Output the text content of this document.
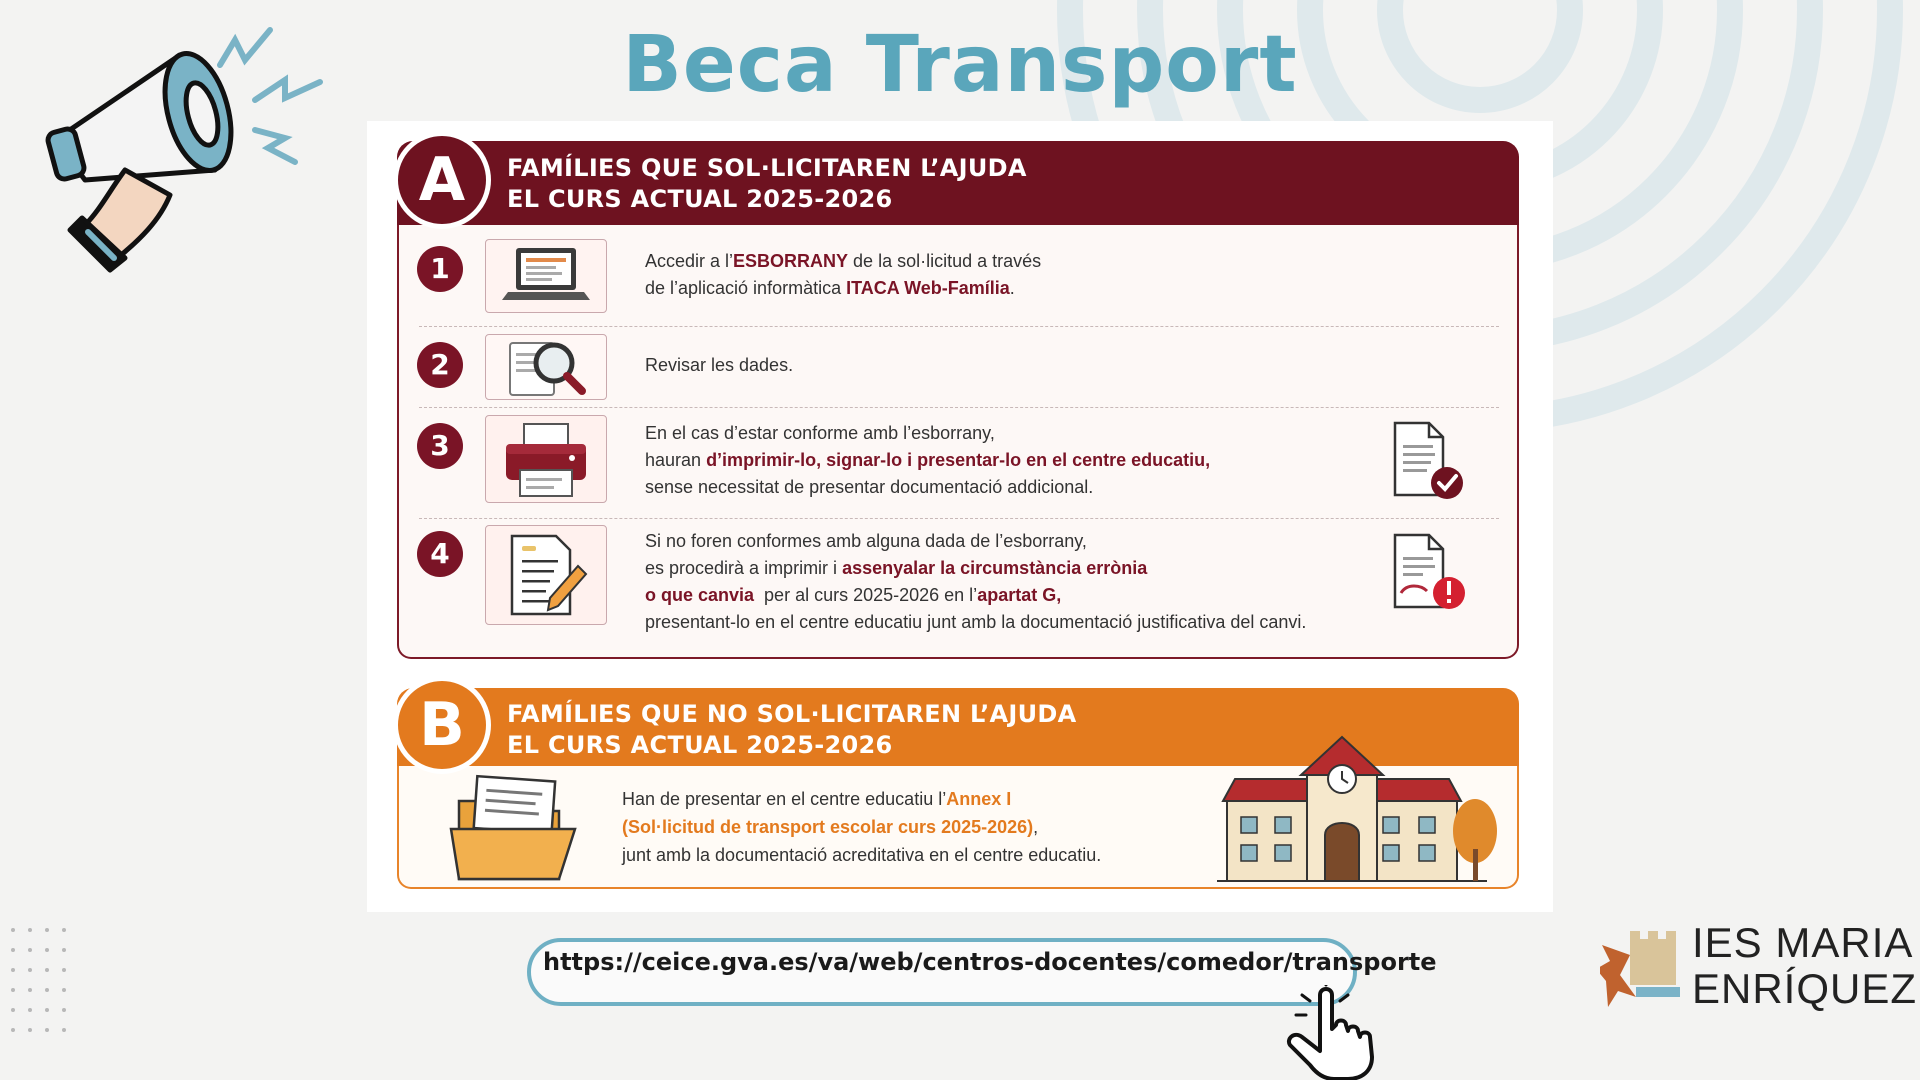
Beca Transport
A	FAMÍLIES QUE SOL·LICITAREN L’AJUDA
EL CURS ACTUAL 2025-2026
1	Accedir a l’ESBORRANY de la sol·licitud a través
de l’aplicació informàtica ITACA Web-Família.
2	Revisar les dades.
3	En el cas d’estar conforme amb l’esborrany,
hauran d’imprimir-lo, signar-lo i presentar-lo en el centre educatiu,
sense necessitat de presentar documentació addicional.
4	Si no foren conformes amb alguna dada de l’esborrany,
es procedirà a imprimir i assenyalar la circumstància errònia
o que canvia  per al curs 2025-2026 en l’apartat G,
presentant-lo en el centre educatiu junt amb la documentació justificativa del canvi.
B	FAMÍLIES QUE NO SOL·LICITAREN L’AJUDA
EL CURS ACTUAL 2025-2026
Han de presentar en el centre educatiu l’Annex I
(Sol·licitud de transport escolar curs 2025-2026),
junt amb la documentació acreditativa en el centre educatiu.
https://ceice.gva.es/va/web/centros-docentes/comedor/transporte	IES MARIA
ENRÍQUEZ
